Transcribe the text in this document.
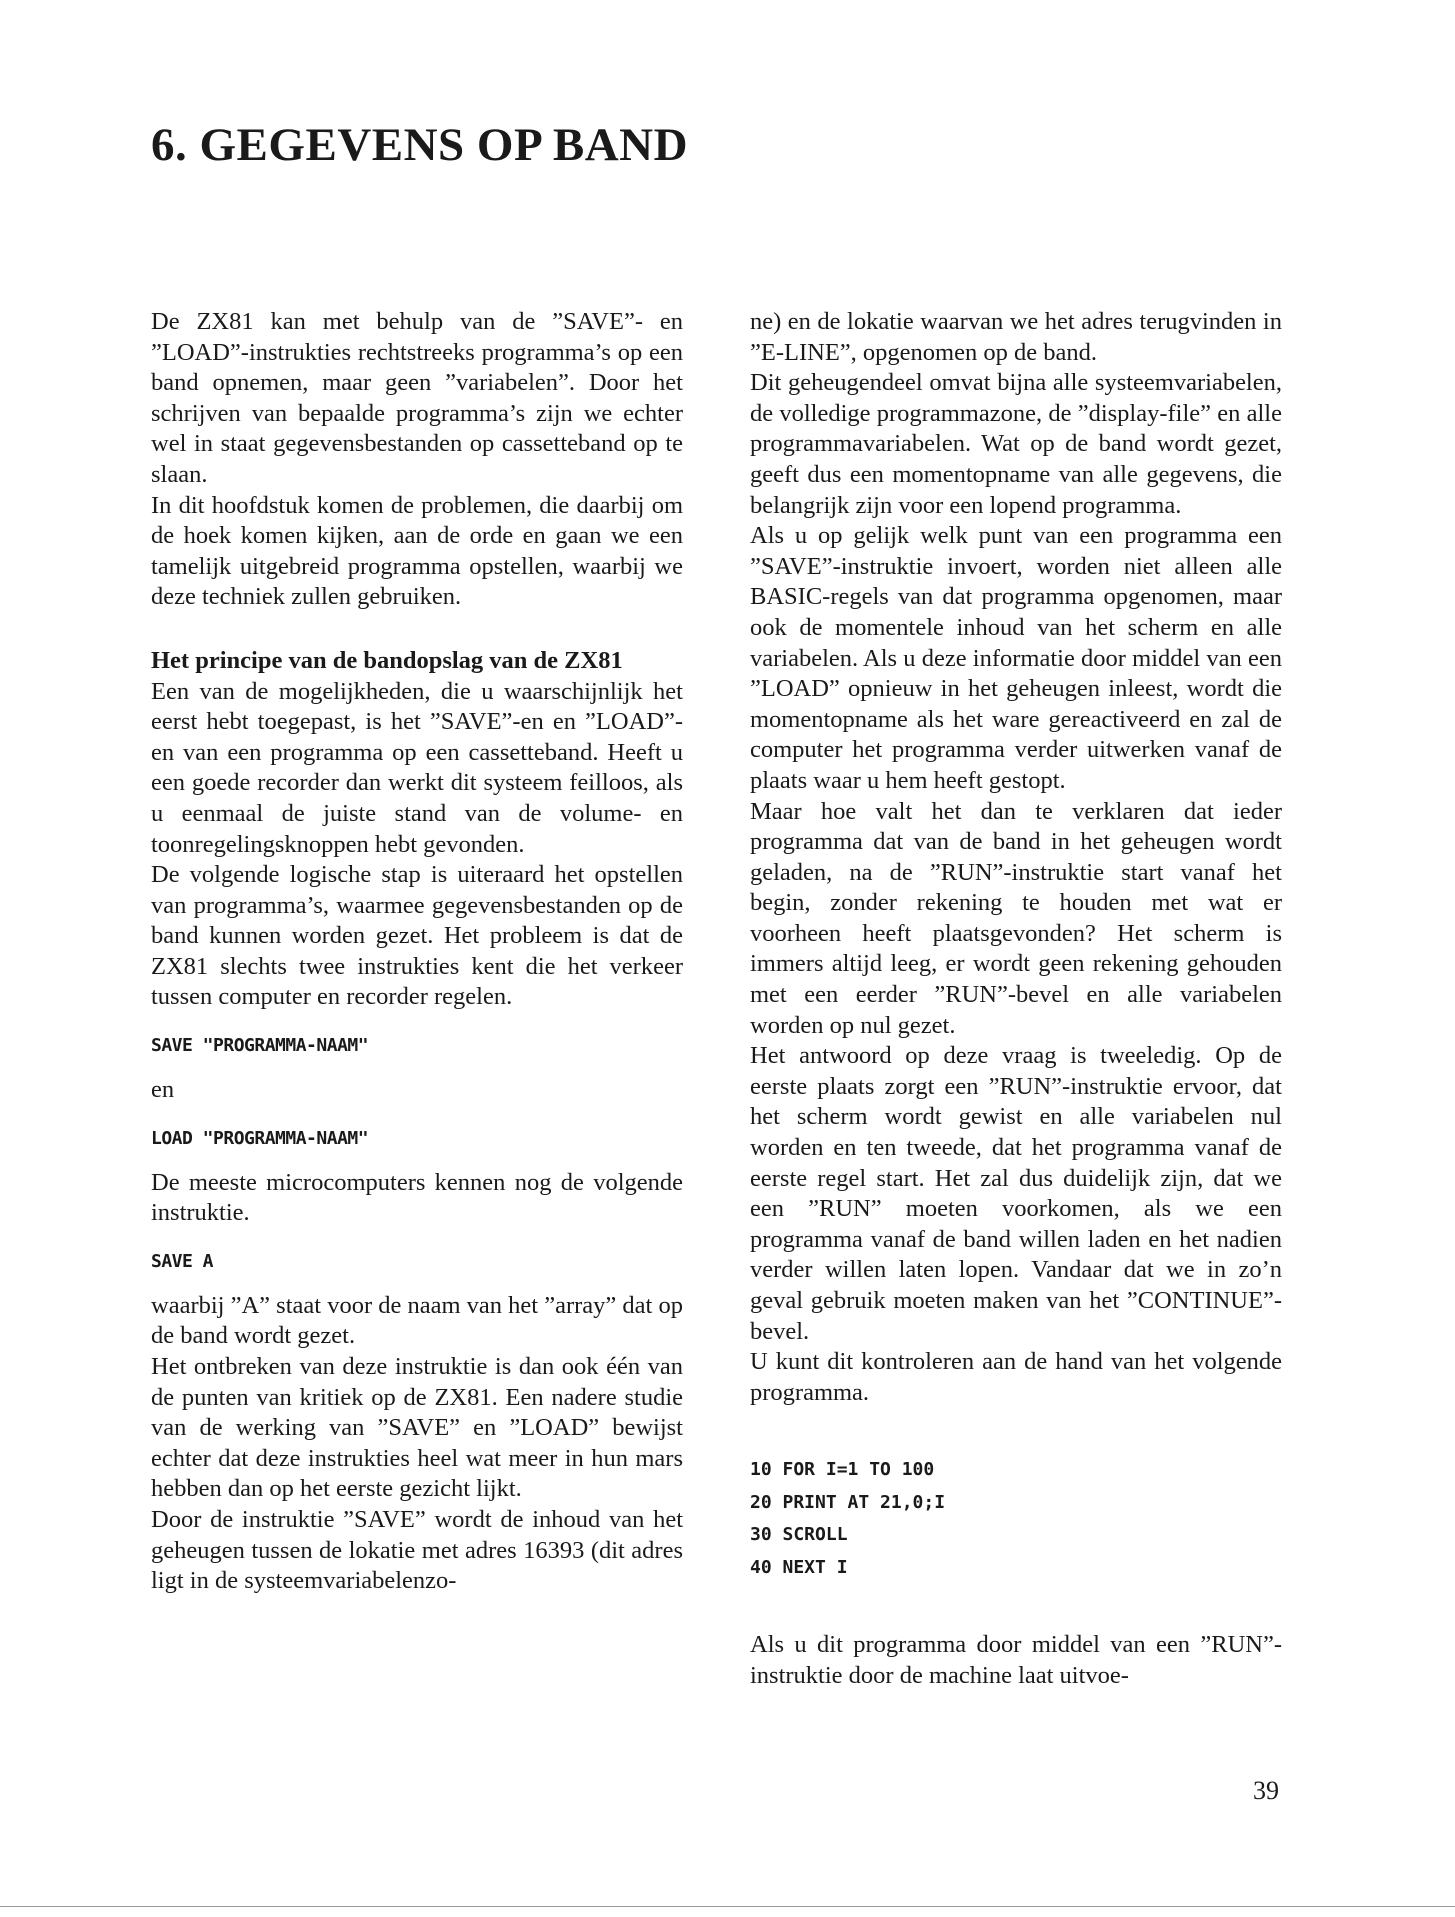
6. GEGEVENS OP BAND

De ZX81 kan met behulp van de ”SAVE”- en ”LOAD”-instrukties rechtstreeks programma’s op een band opnemen, maar geen ”variabelen”. Door het schrijven van bepaalde programma’s zijn we echter wel in staat gegevensbestanden op cassetteband op te slaan.

In dit hoofdstuk komen de problemen, die daarbij om de hoek komen kijken, aan de orde en gaan we een tamelijk uitgebreid programma opstellen, waarbij we deze techniek zullen gebruiken.

Het principe van de bandopslag van de ZX81

Een van de mogelijkheden, die u waarschijnlijk het eerst hebt toegepast, is het ”SAVE”-en en ”LOAD”-en van een programma op een cassetteband. Heeft u een goede recorder dan werkt dit systeem feilloos, als u eenmaal de juiste stand van de volume- en toonregelingsknoppen hebt gevonden.

De volgende logische stap is uiteraard het opstellen van programma’s, waarmee gegevensbestanden op de band kunnen worden gezet. Het probleem is dat de ZX81 slechts twee instrukties kent die het verkeer tussen computer en recorder regelen.

SAVE "PROGRAMMA-NAAM"
en
LOAD "PROGRAMMA-NAAM"

De meeste microcomputers kennen nog de volgende instruktie.

SAVE A

waarbij ”A” staat voor de naam van het ”array” dat op de band wordt gezet.

Het ontbreken van deze instruktie is dan ook één van de punten van kritiek op de ZX81. Een nadere studie van de werking van ”SAVE” en ”LOAD” bewijst echter dat deze instrukties heel wat meer in hun mars hebben dan op het eerste gezicht lijkt.

Door de instruktie ”SAVE” wordt de inhoud van het geheugen tussen de lokatie met adres 16393 (dit adres ligt in de systeemvariabelenzo-

ne) en de lokatie waarvan we het adres terugvinden in ”E-LINE”, opgenomen op de band.

Dit geheugendeel omvat bijna alle systeemvariabelen, de volledige programmazone, de ”display-file” en alle programmavariabelen. Wat op de band wordt gezet, geeft dus een momentopname van alle gegevens, die belangrijk zijn voor een lopend programma.

Als u op gelijk welk punt van een programma een ”SAVE”-instruktie invoert, worden niet alleen alle BASIC-regels van dat programma opgenomen, maar ook de momentele inhoud van het scherm en alle variabelen. Als u deze informatie door middel van een ”LOAD” opnieuw in het geheugen inleest, wordt die momentopname als het ware gereactiveerd en zal de computer het programma verder uitwerken vanaf de plaats waar u hem heeft gestopt.

Maar hoe valt het dan te verklaren dat ieder programma dat van de band in het geheugen wordt geladen, na de ”RUN”-instruktie start vanaf het begin, zonder rekening te houden met wat er voorheen heeft plaatsgevonden? Het scherm is immers altijd leeg, er wordt geen rekening gehouden met een eerder ”RUN”-bevel en alle variabelen worden op nul gezet.

Het antwoord op deze vraag is tweeledig. Op de eerste plaats zorgt een ”RUN”-instruktie ervoor, dat het scherm wordt gewist en alle variabelen nul worden en ten tweede, dat het programma vanaf de eerste regel start. Het zal dus duidelijk zijn, dat we een ”RUN” moeten voorkomen, als we een programma vanaf de band willen laden en het nadien verder willen laten lopen. Vandaar dat we in zo’n geval gebruik moeten maken van het ”CONTINUE”-bevel.

U kunt dit kontroleren aan de hand van het volgende programma.

10 FOR I=1 TO 100
20 PRINT AT 21,0;I
30 SCROLL
40 NEXT I

Als u dit programma door middel van een ”RUN”-instruktie door de machine laat uitvoe-

39
